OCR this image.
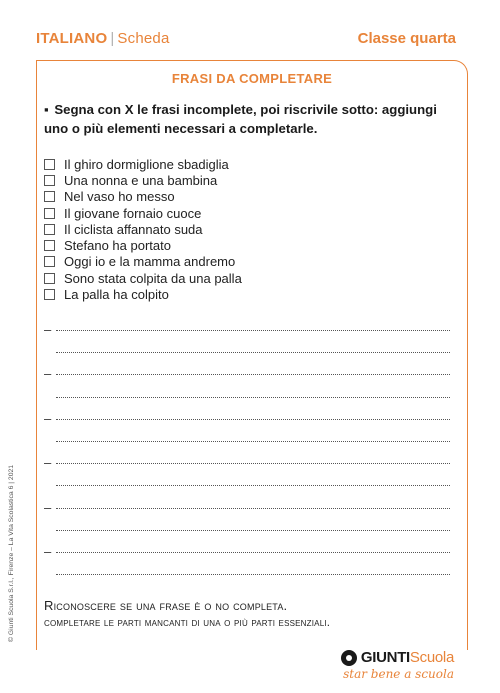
ITALIANO | Scheda	Classe quarta
FRASI DA COMPLETARE
▪ Segna con X le frasi incomplete, poi riscrivile sotto: aggiungi uno o più elementi necessari a completarle.
Il ghiro dormiglione sbadiglia
Una nonna e una bambina
Nel vaso ho messo
Il giovane fornaio cuoce
Il ciclista affannato suda
Stefano ha portato
Oggi io e la mamma andremo
Sono stata colpita da una palla
La palla ha colpito
–
–
–
–
–
–
Riconoscere se una frase è o no completa.
completare le parti mancanti di una o più parti essenziali.
© Giunti Scuola S.r.l., Firenze – La Vita Scolastica 6 | 2021
GIUNTI Scuola
star bene a scuola
